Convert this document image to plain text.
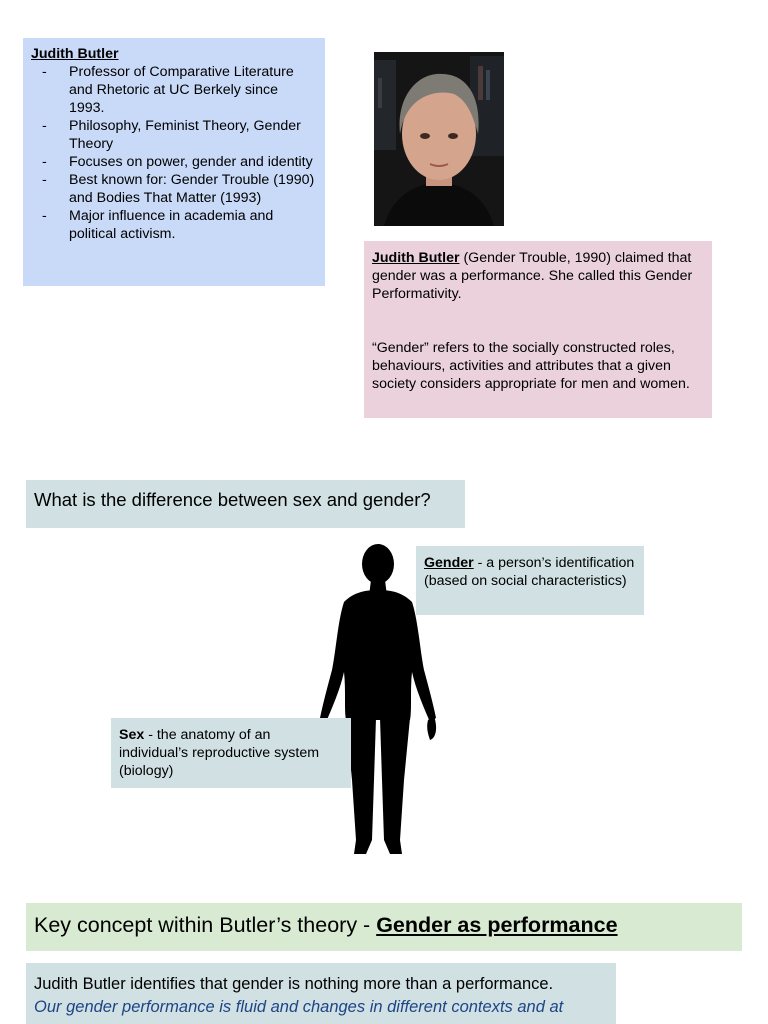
Judith Butler
- Professor of Comparative Literature and Rhetoric at UC Berkely since 1993.
- Philosophy, Feminist Theory, Gender Theory
- Focuses on power, gender and identity
- Best known for: Gender Trouble (1990) and Bodies That Matter (1993)
- Major influence in academia and political activism.

Judith Butler (Gender Trouble, 1990) claimed that gender was a performance. She called this Gender Performativity.

“Gender” refers to the socially constructed roles, behaviours, activities and attributes that a given society considers appropriate for men and women.

What is the difference between sex and gender?
Gender - a person’s identification (based on social characteristics)
Sex - the anatomy of an individual’s reproductive system (biology)
Key concept within Butler’s theory - Gender as performance
Judith Butler identifies that gender is nothing more than a performance.
Our gender performance is fluid and changes in different contexts and at
